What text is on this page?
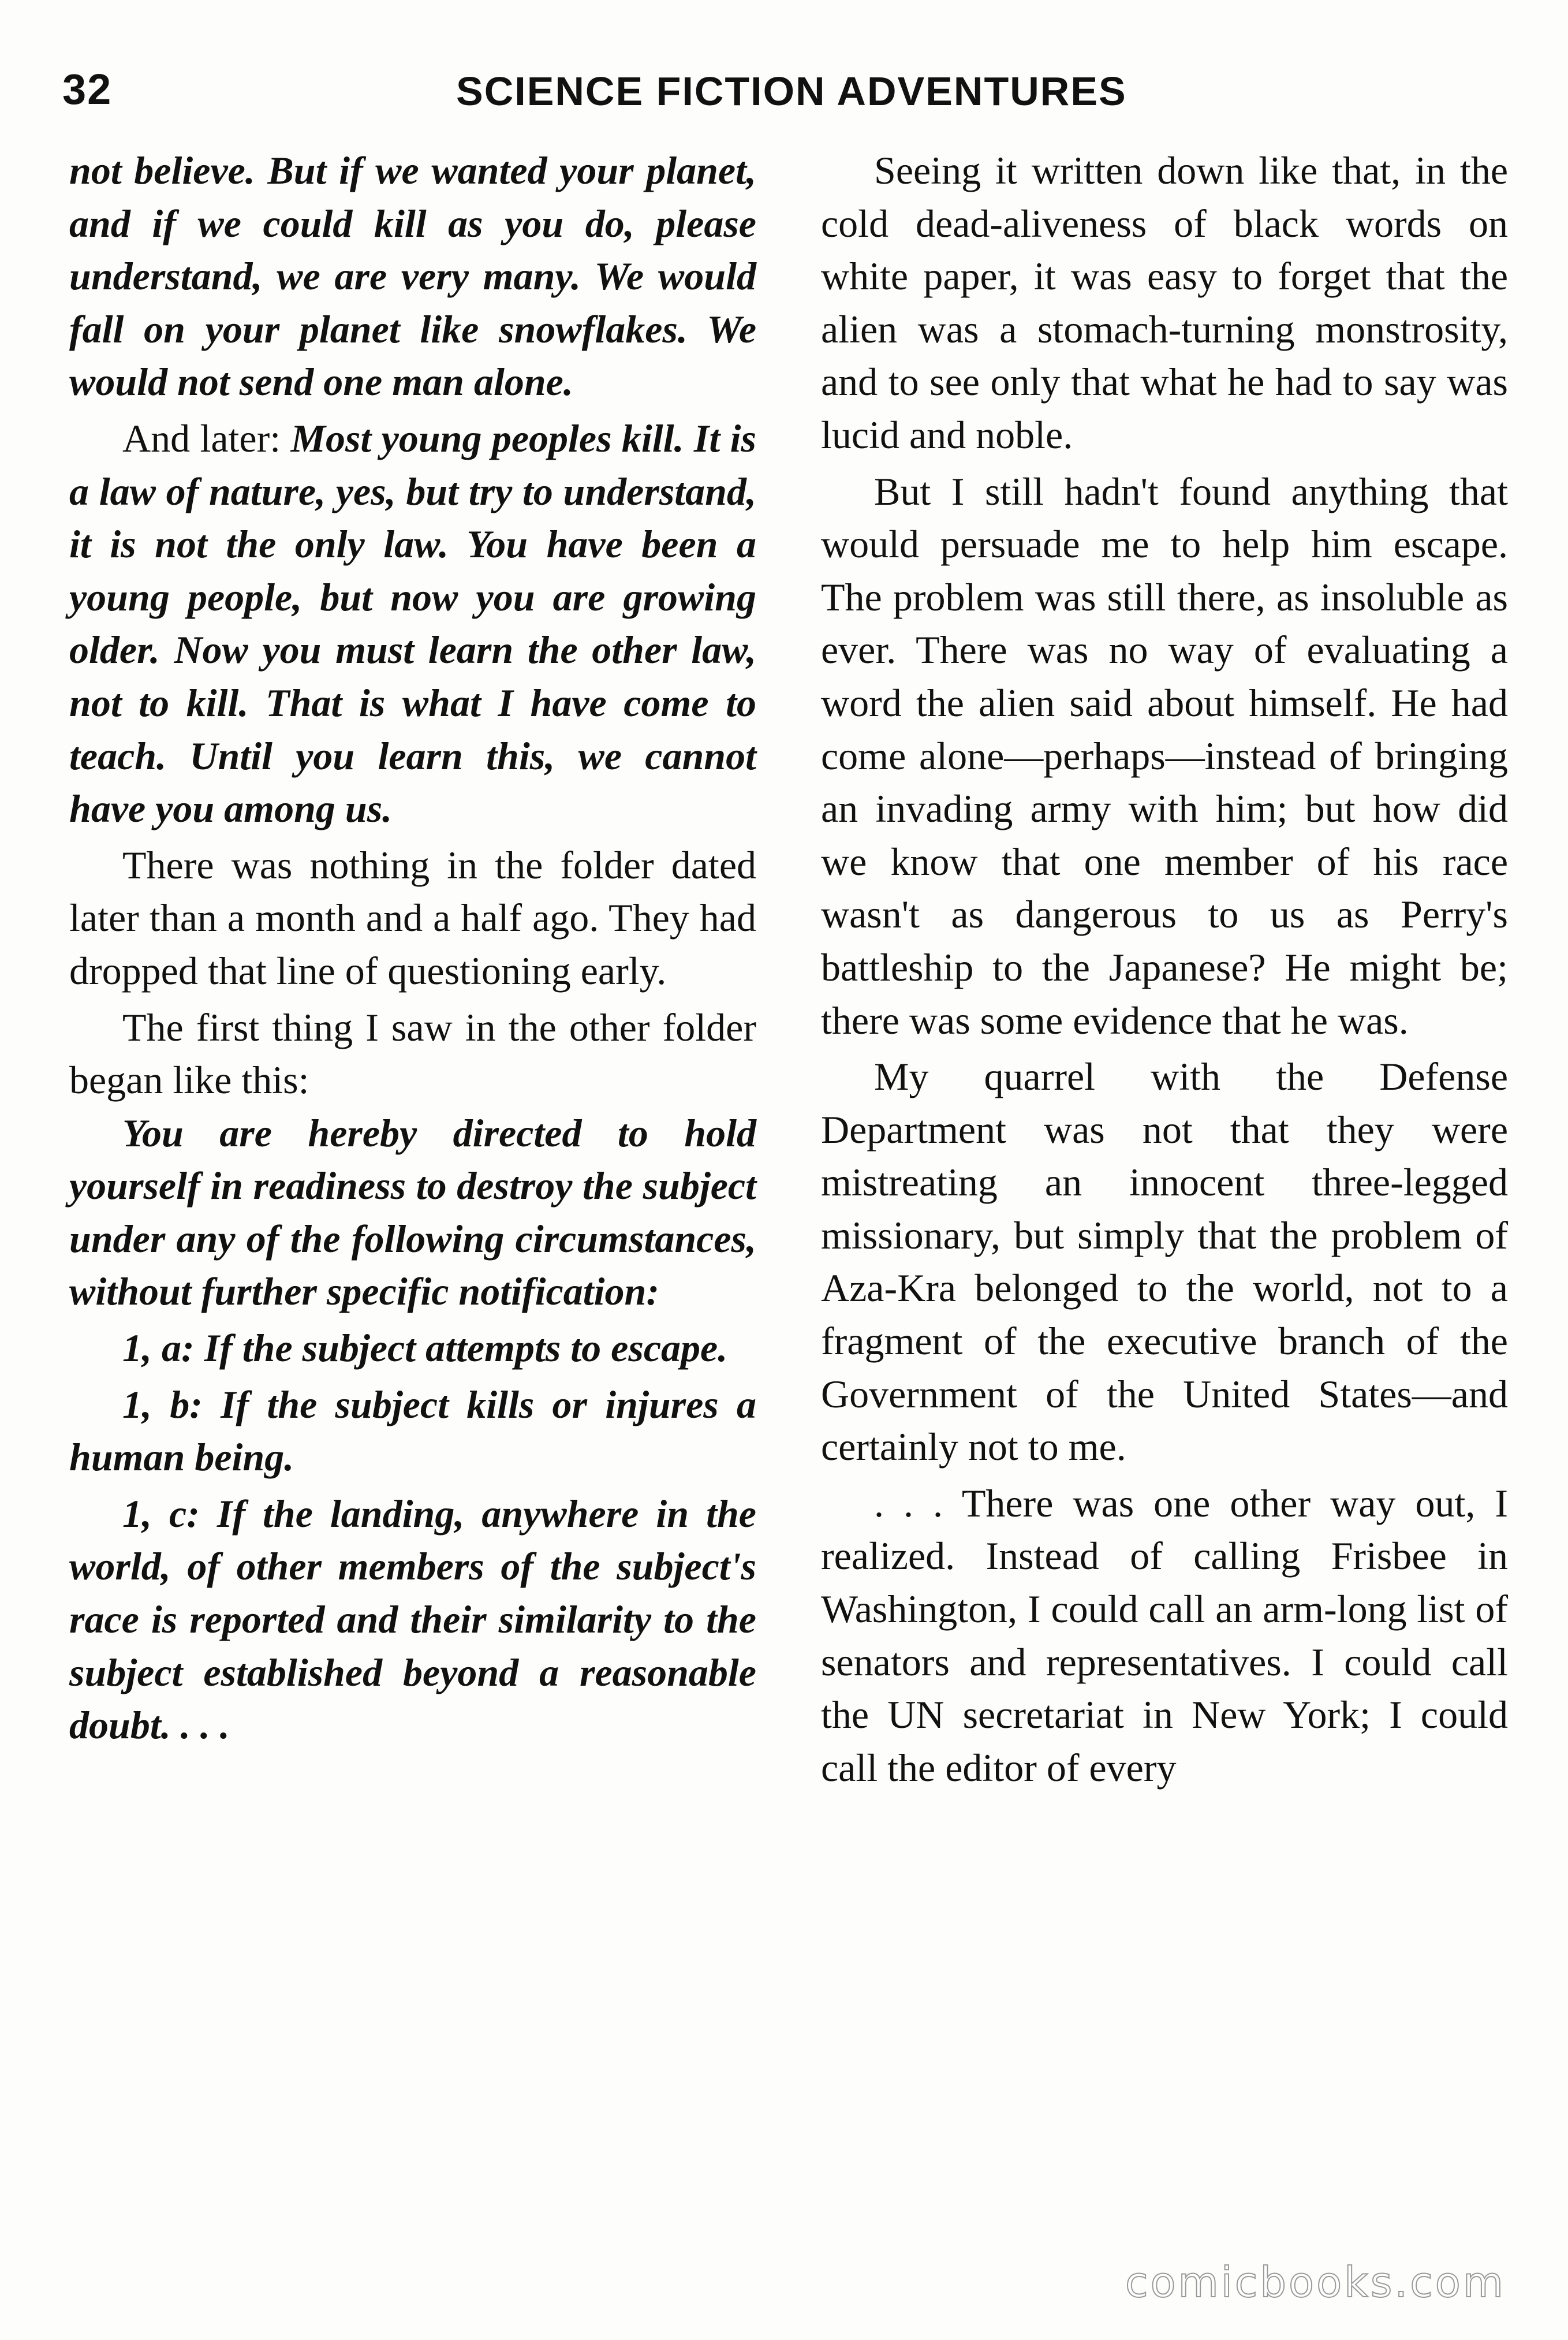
32	SCIENCE FICTION ADVENTURES

not believe. But if we wanted your planet, and if we could kill as you do, please understand, we are very many. We would fall on your planet like snowflakes. We would not send one man alone.

And later: Most young peoples kill. It is a law of nature, yes, but try to understand, it is not the only law. You have been a young people, but now you are growing older. Now you must learn the other law, not to kill. That is what I have come to teach. Until you learn this, we cannot have you among us.

There was nothing in the folder dated later than a month and a half ago. They had dropped that line of questioning early.

The first thing I saw in the other folder began like this:

You are hereby directed to hold yourself in readiness to destroy the subject under any of the following circumstances, without further specific notification:

1, a: If the subject attempts to escape.

1, b: If the subject kills or injures a human being.

1, c: If the landing, anywhere in the world, of other members of the subject's race is reported and their similarity to the subject established beyond a reasonable doubt. . . .

Seeing it written down like that, in the cold dead-aliveness of black words on white paper, it was easy to forget that the alien was a stomach-turning monstrosity, and to see only that what he had to say was lucid and noble.

But I still hadn't found anything that would persuade me to help him escape. The problem was still there, as insoluble as ever. There was no way of evaluating a word the alien said about himself. He had come alone—perhaps—instead of bringing an invading army with him; but how did we know that one member of his race wasn't as dangerous to us as Perry's battleship to the Japanese? He might be; there was some evidence that he was.

My quarrel with the Defense Department was not that they were mistreating an innocent three-legged missionary, but simply that the problem of Aza-Kra belonged to the world, not to a fragment of the executive branch of the Government of the United States—and certainly not to me.

. . . There was one other way out, I realized. Instead of calling Frisbee in Washington, I could call an arm-long list of senators and representatives. I could call the UN secretariat in New York; I could call the editor of every

comicbooks.com
